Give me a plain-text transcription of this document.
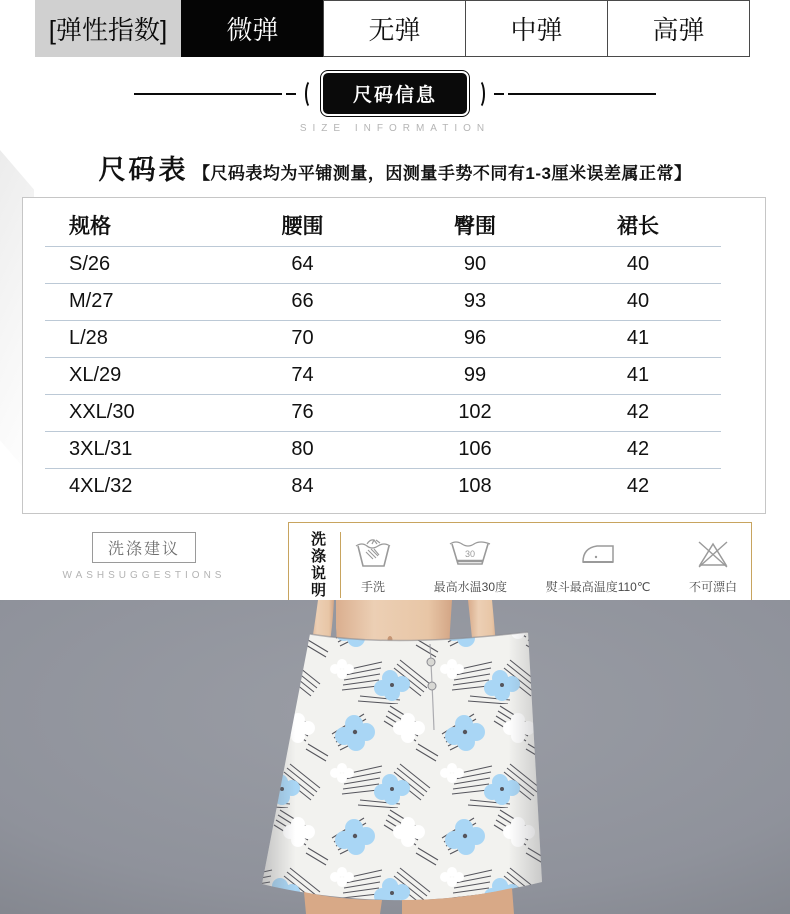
[弹性指数]	微弹	无弹	中弹	高弹
尺码信息
SIZE INFORMATION
尺码表 【尺码表均为平铺测量，因测量手势不同有1-3厘米误差属正常】
规格	腰围	臀围	裙长
S/26	64	90	40
M/27	66	93	40
L/28	70	96	41
XL/29	74	99	41
XXL/30	76	102	42
3XL/31	80	106	42
4XL/32	84	108	42
洗涤建议
WASHSUGGESTIONS	洗涤说明	手洗
30
最高水温30度	熨斗最高温度110℃	不可漂白
